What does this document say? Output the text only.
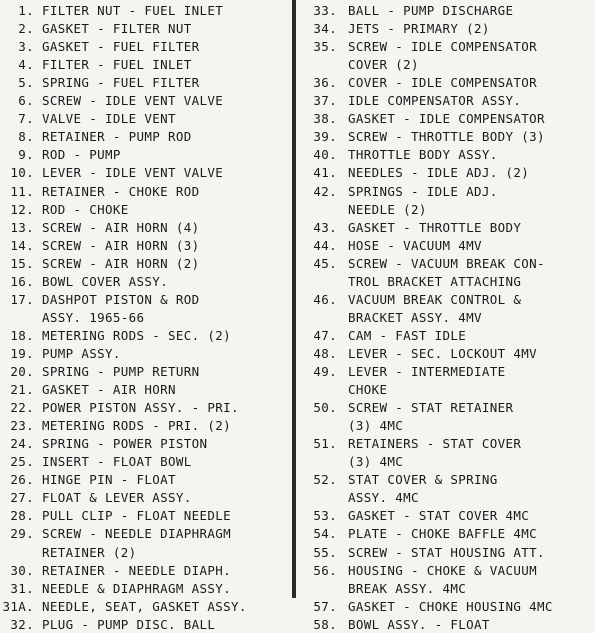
1. FILTER NUT - FUEL INLET
2. GASKET - FILTER NUT
3. GASKET - FUEL FILTER
4. FILTER - FUEL INLET
5. SPRING - FUEL FILTER
6. SCREW - IDLE VENT VALVE
7. VALVE - IDLE VENT
8. RETAINER - PUMP ROD
9. ROD - PUMP
10. LEVER - IDLE VENT VALVE
11. RETAINER - CHOKE ROD
12. ROD - CHOKE
13. SCREW - AIR HORN (4)
14. SCREW - AIR HORN (3)
15. SCREW - AIR HORN (2)
16. BOWL COVER ASSY.
17. DASHPOT PISTON & ROD
ASSY. 1965-66
18. METERING RODS - SEC. (2)
19. PUMP ASSY.
20. SPRING - PUMP RETURN
21. GASKET - AIR HORN
22. POWER PISTON ASSY. - PRI.
23. METERING RODS - PRI. (2)
24. SPRING - POWER PISTON
25. INSERT - FLOAT BOWL
26. HINGE PIN - FLOAT
27. FLOAT & LEVER ASSY.
28. PULL CLIP - FLOAT NEEDLE
29. SCREW - NEEDLE DIAPHRAGM
RETAINER (2)
30. RETAINER - NEEDLE DIAPH.
31. NEEDLE & DIAPHRAGM ASSY.
31A. NEEDLE, SEAT, GASKET ASSY.
32. PLUG - PUMP DISC. BALL
33. BALL - PUMP DISCHARGE
34. JETS - PRIMARY (2)
35. SCREW - IDLE COMPENSATOR
COVER (2)
36. COVER - IDLE COMPENSATOR
37. IDLE COMPENSATOR ASSY.
38. GASKET - IDLE COMPENSATOR
39. SCREW - THROTTLE BODY (3)
40. THROTTLE BODY ASSY.
41. NEEDLES - IDLE ADJ. (2)
42. SPRINGS - IDLE ADJ.
NEEDLE (2)
43. GASKET - THROTTLE BODY
44. HOSE - VACUUM 4MV
45. SCREW - VACUUM BREAK CON-
TROL BRACKET ATTACHING
46. VACUUM BREAK CONTROL &
BRACKET ASSY. 4MV
47. CAM - FAST IDLE
48. LEVER - SEC. LOCKOUT 4MV
49. LEVER - INTERMEDIATE
CHOKE
50. SCREW - STAT RETAINER
(3) 4MC
51. RETAINERS - STAT COVER
(3) 4MC
52. STAT COVER & SPRING
ASSY. 4MC
53. GASKET - STAT COVER 4MC
54. PLATE - CHOKE BAFFLE 4MC
55. SCREW - STAT HOUSING ATT.
56. HOUSING - CHOKE & VACUUM
BREAK ASSY. 4MC
57. GASKET - CHOKE HOUSING 4MC
58. BOWL ASSY. - FLOAT
